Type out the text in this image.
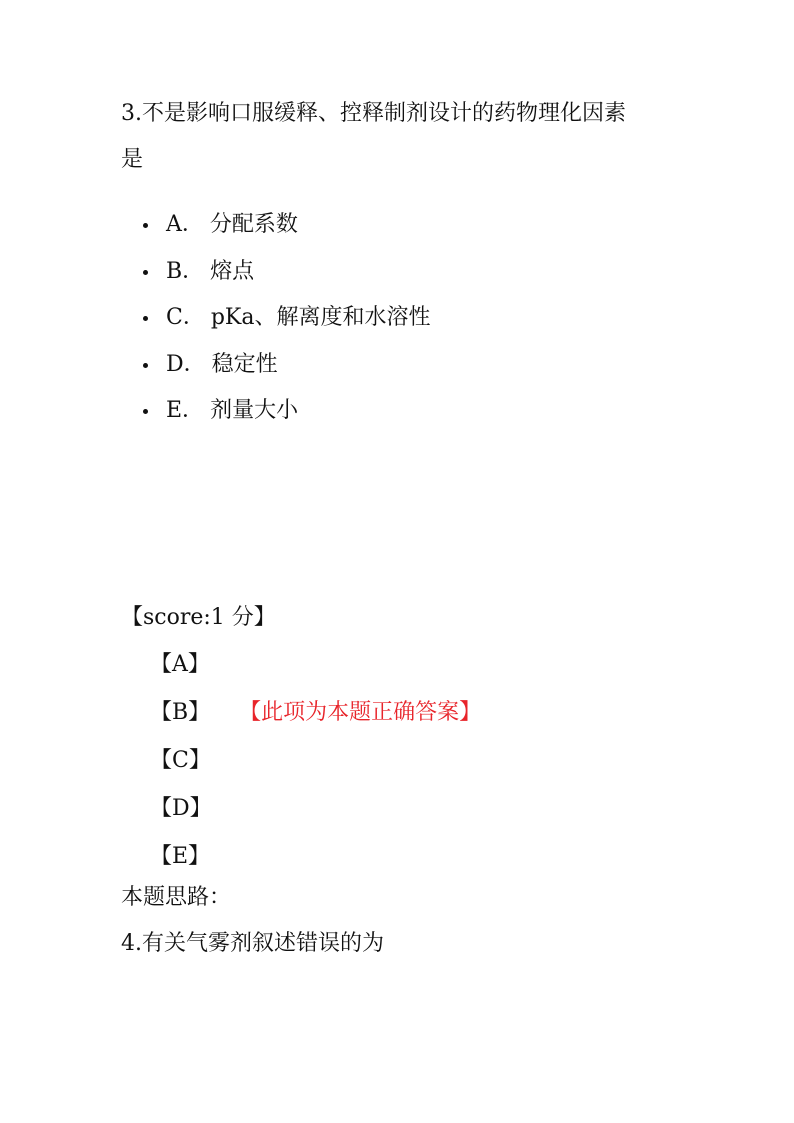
3.不是影响口服缓释、控释制剂设计的药物理化因素
是
A． 分配系数
B． 熔点
C． pKa、解离度和水溶性
D． 稳定性
E． 剂量大小
【score:1 分】
【A】
【B】 【此项为本题正确答案】
【C】
【D】
【E】
本题思路：
4.有关气雾剂叙述错误的为
